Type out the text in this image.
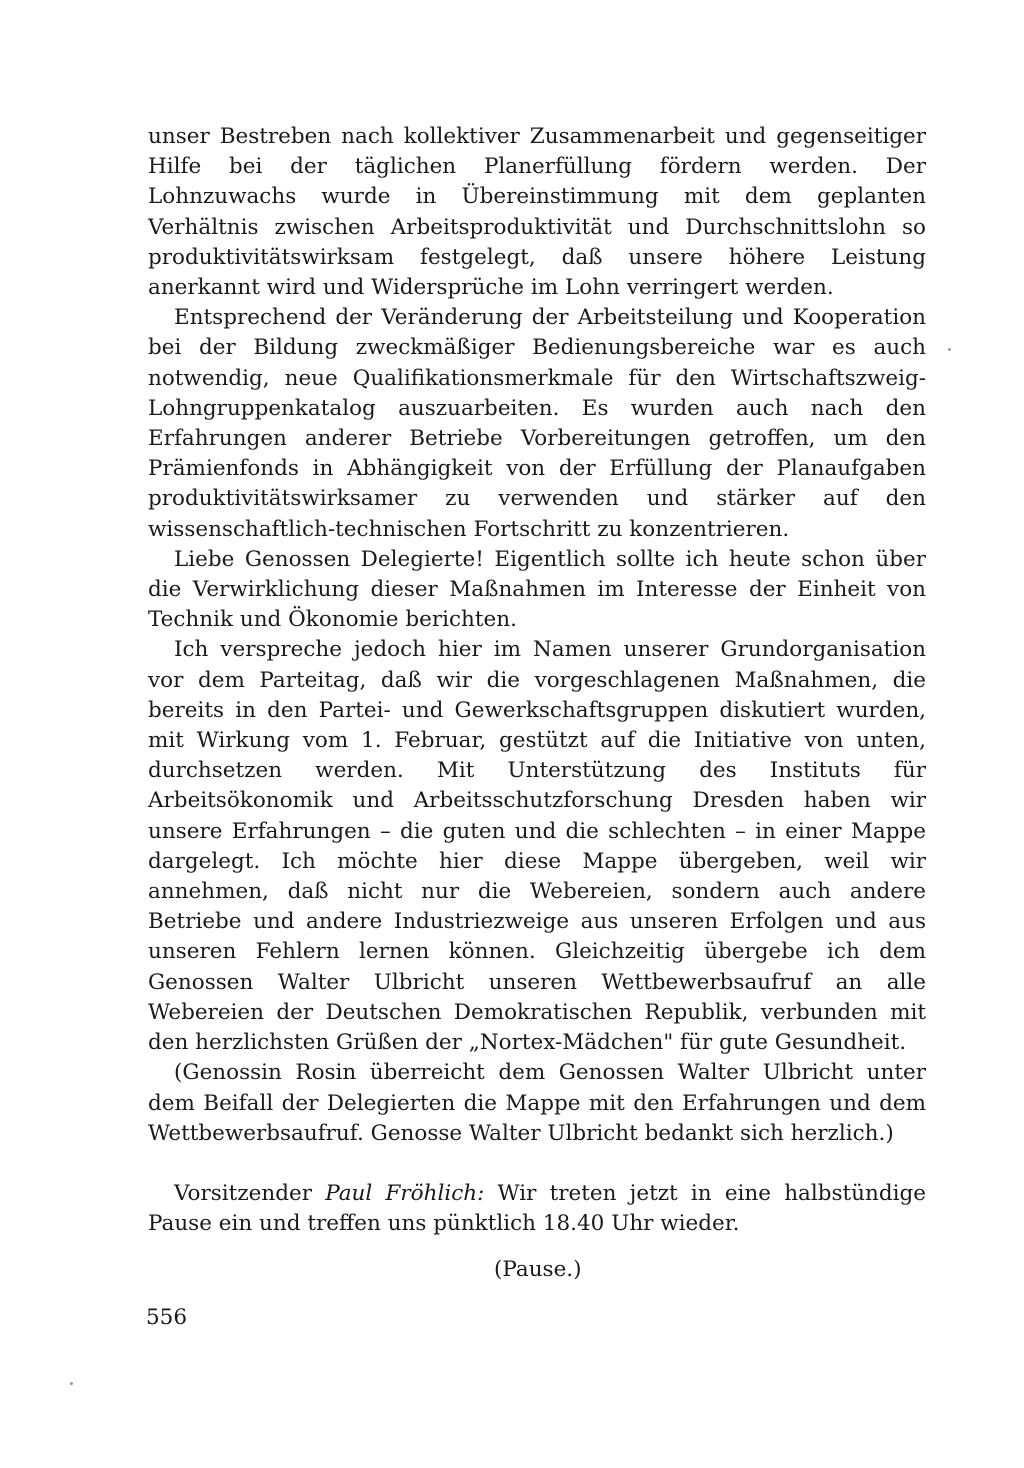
unser Bestreben nach kollektiver Zusammenarbeit und gegenseitiger Hilfe bei der täglichen Planerfüllung fördern werden. Der Lohnzuwachs wurde in Übereinstimmung mit dem geplanten Verhältnis zwischen Arbeitsproduktivität und Durchschnittslohn so produktivitätswirksam festgelegt, daß unsere höhere Leistung anerkannt wird und Widersprüche im Lohn verringert werden.

Entsprechend der Veränderung der Arbeitsteilung und Kooperation bei der Bildung zweckmäßiger Bedienungsbereiche war es auch notwendig, neue Qualifikationsmerkmale für den Wirtschaftszweig-Lohngruppenkatalog auszuarbeiten. Es wurden auch nach den Erfahrungen anderer Betriebe Vorbereitungen getroffen, um den Prämienfonds in Abhängigkeit von der Erfüllung der Planaufgaben produktivitätswirksamer zu verwenden und stärker auf den wissenschaftlich-technischen Fortschritt zu konzentrieren.

Liebe Genossen Delegierte! Eigentlich sollte ich heute schon über die Verwirklichung dieser Maßnahmen im Interesse der Einheit von Technik und Ökonomie berichten.

Ich verspreche jedoch hier im Namen unserer Grundorganisation vor dem Parteitag, daß wir die vorgeschlagenen Maßnahmen, die bereits in den Partei- und Gewerkschaftsgruppen diskutiert wurden, mit Wirkung vom 1. Februar, gestützt auf die Initiative von unten, durchsetzen werden. Mit Unterstützung des Instituts für Arbeitsökonomik und Arbeitsschutzforschung Dresden haben wir unsere Erfahrungen – die guten und die schlechten – in einer Mappe dargelegt. Ich möchte hier diese Mappe übergeben, weil wir annehmen, daß nicht nur die Webereien, sondern auch andere Betriebe und andere Industriezweige aus unseren Erfolgen und aus unseren Fehlern lernen können. Gleichzeitig übergebe ich dem Genossen Walter Ulbricht unseren Wettbewerbsaufruf an alle Webereien der Deutschen Demokratischen Republik, verbunden mit den herzlichsten Grüßen der „Nortex-Mädchen" für gute Gesundheit.

(Genossin Rosin überreicht dem Genossen Walter Ulbricht unter dem Beifall der Delegierten die Mappe mit den Erfahrungen und dem Wettbewerbsaufruf. Genosse Walter Ulbricht bedankt sich herzlich.)

Vorsitzender Paul Fröhlich: Wir treten jetzt in eine halbstündige Pause ein und treffen uns pünktlich 18.40 Uhr wieder.

(Pause.)
556
